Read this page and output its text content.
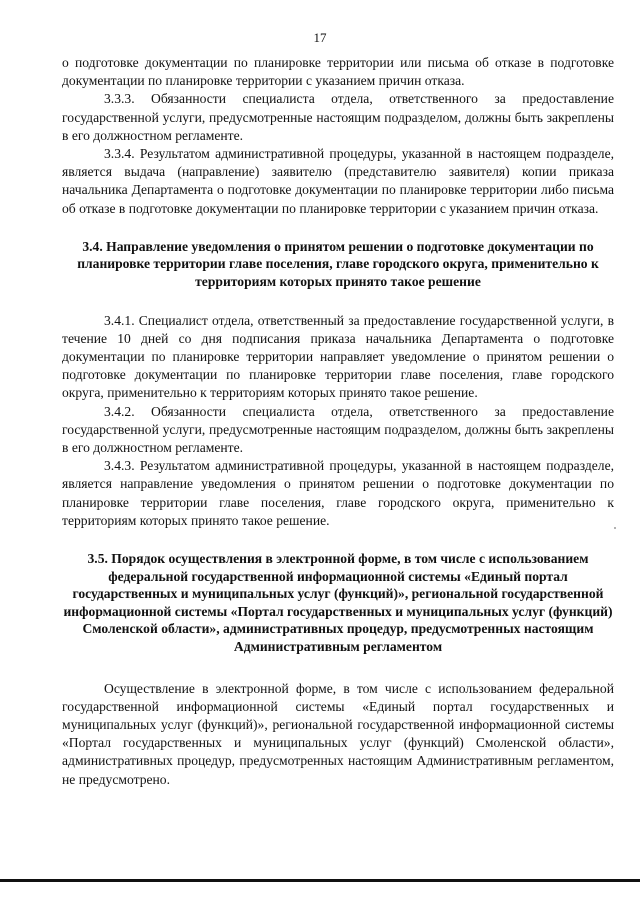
17

о подготовке документации по планировке территории или письма об отказе в подготовке документации по планировке территории с указанием причин отказа.

3.3.3. Обязанности специалиста отдела, ответственного за предоставление государственной услуги, предусмотренные настоящим подразделом, должны быть закреплены в его должностном регламенте.

3.3.4. Результатом административной процедуры, указанной в настоящем подразделе, является выдача (направление) заявителю (представителю заявителя) копии приказа начальника Департамента о подготовке документации по планировке территории либо письма об отказе в подготовке документации по планировке территории с указанием причин отказа.

3.4. Направление уведомления о принятом решении о подготовке документации по планировке территории главе поселения, главе городского округа, применительно к территориям которых принято такое решение

3.4.1. Специалист отдела, ответственный за предоставление государственной услуги, в течение 10 дней со дня подписания приказа начальника Департамента о подготовке документации по планировке территории направляет уведомление о принятом решении о подготовке документации по планировке территории главе поселения, главе городского округа, применительно к территориям которых принято такое решение.

3.4.2. Обязанности специалиста отдела, ответственного за предоставление государственной услуги, предусмотренные настоящим подразделом, должны быть закреплены в его должностном регламенте.

3.4.3. Результатом административной процедуры, указанной в настоящем подразделе, является направление уведомления о принятом решении о подготовке документации по планировке территории главе поселения, главе городского округа, применительно к территориям которых принято такое решение.

3.5. Порядок осуществления в электронной форме, в том числе с использованием федеральной государственной информационной системы «Единый портал государственных и муниципальных услуг (функций)», региональной государственной информационной системы «Портал государственных и муниципальных услуг (функций) Смоленской области», административных процедур, предусмотренных настоящим Административным регламентом

Осуществление в электронной форме, в том числе с использованием федеральной государственной информационной системы «Единый портал государственных и муниципальных услуг (функций)», региональной государственной информационной системы «Портал государственных и муниципальных услуг (функций) Смоленской области», административных процедур, предусмотренных настоящим Административным регламентом, не предусмотрено.
